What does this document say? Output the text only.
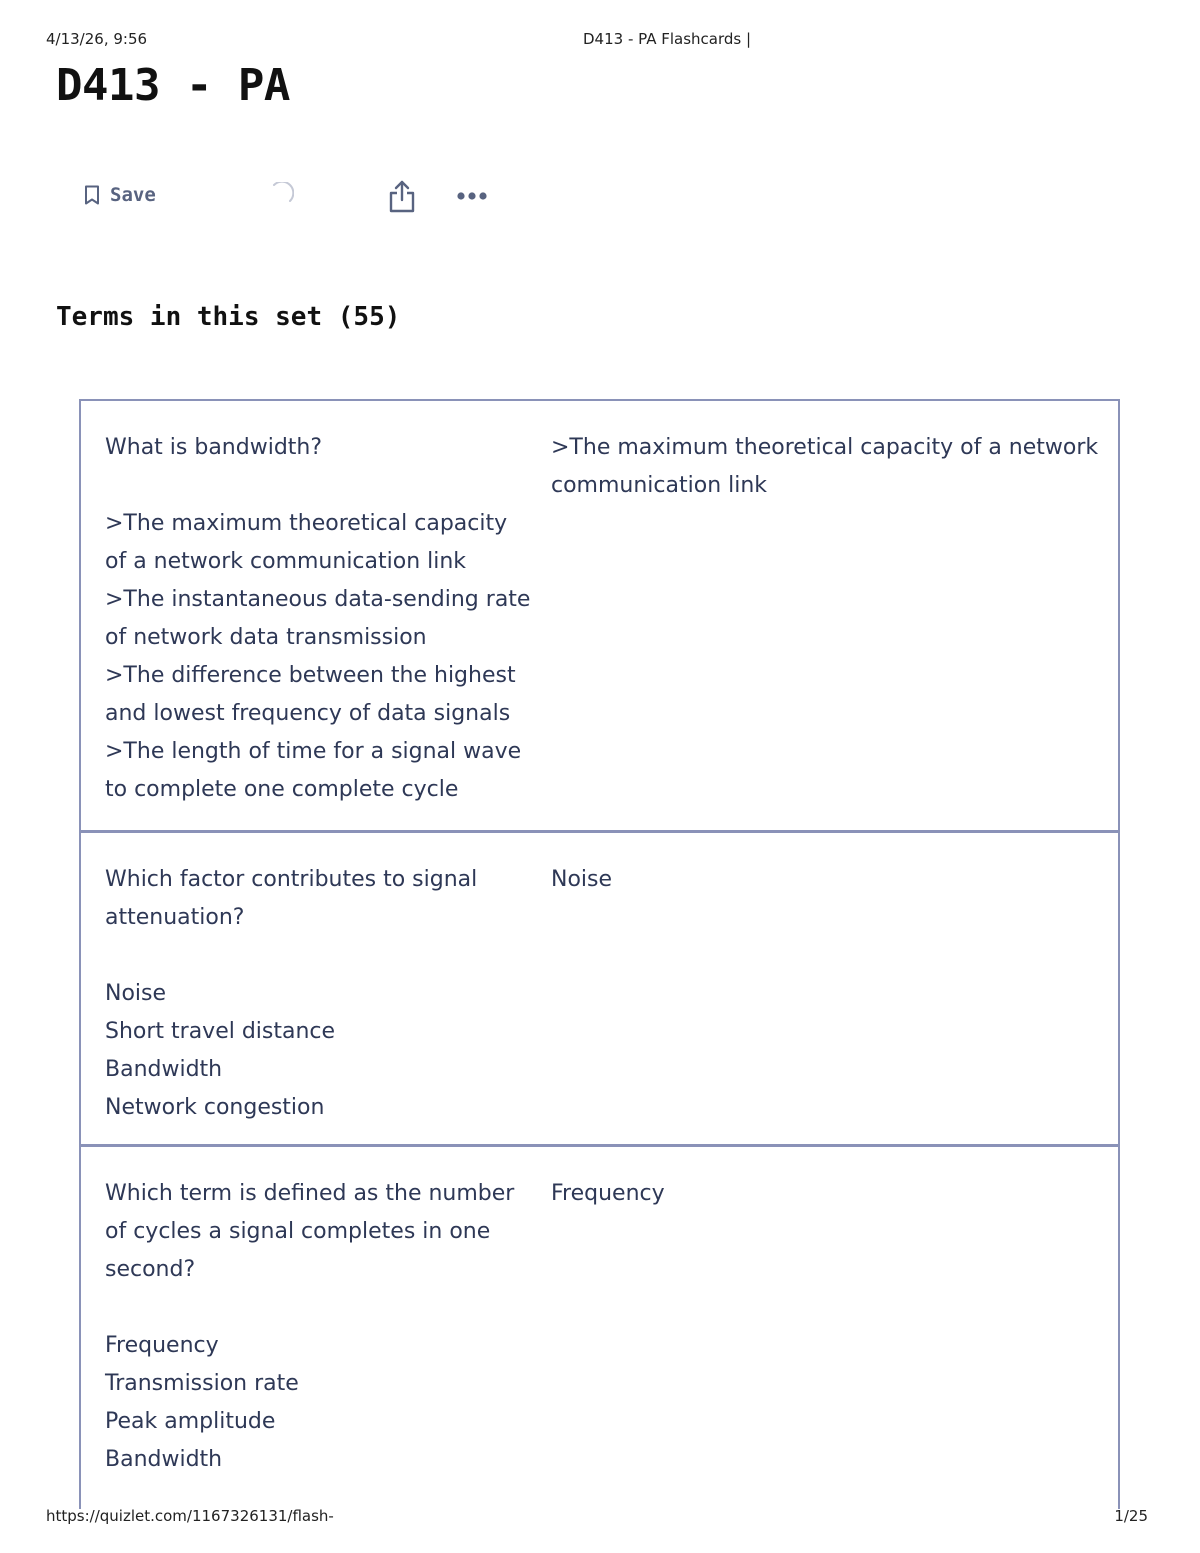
4/13/26, 9:56	D413 - PA Flashcards |
D413 - PA
Save
Terms in this set (55)
What is bandwidth?
>The maximum theoretical capacity
of a network communication link
>The instantaneous data-sending rate
of network data transmission
>The difference between the highest
and lowest frequency of data signals
>The length of time for a signal wave
to complete one complete cycle
>The maximum theoretical capacity of a network
communication link
Which factor contributes to signal
attenuation?
Noise
Short travel distance
Bandwidth
Network congestion
Noise
Which term is defined as the number
of cycles a signal completes in one
second?
Frequency
Transmission rate
Peak amplitude
Bandwidth
Frequency
https://quizlet.com/1167326131/flash-	1/25
